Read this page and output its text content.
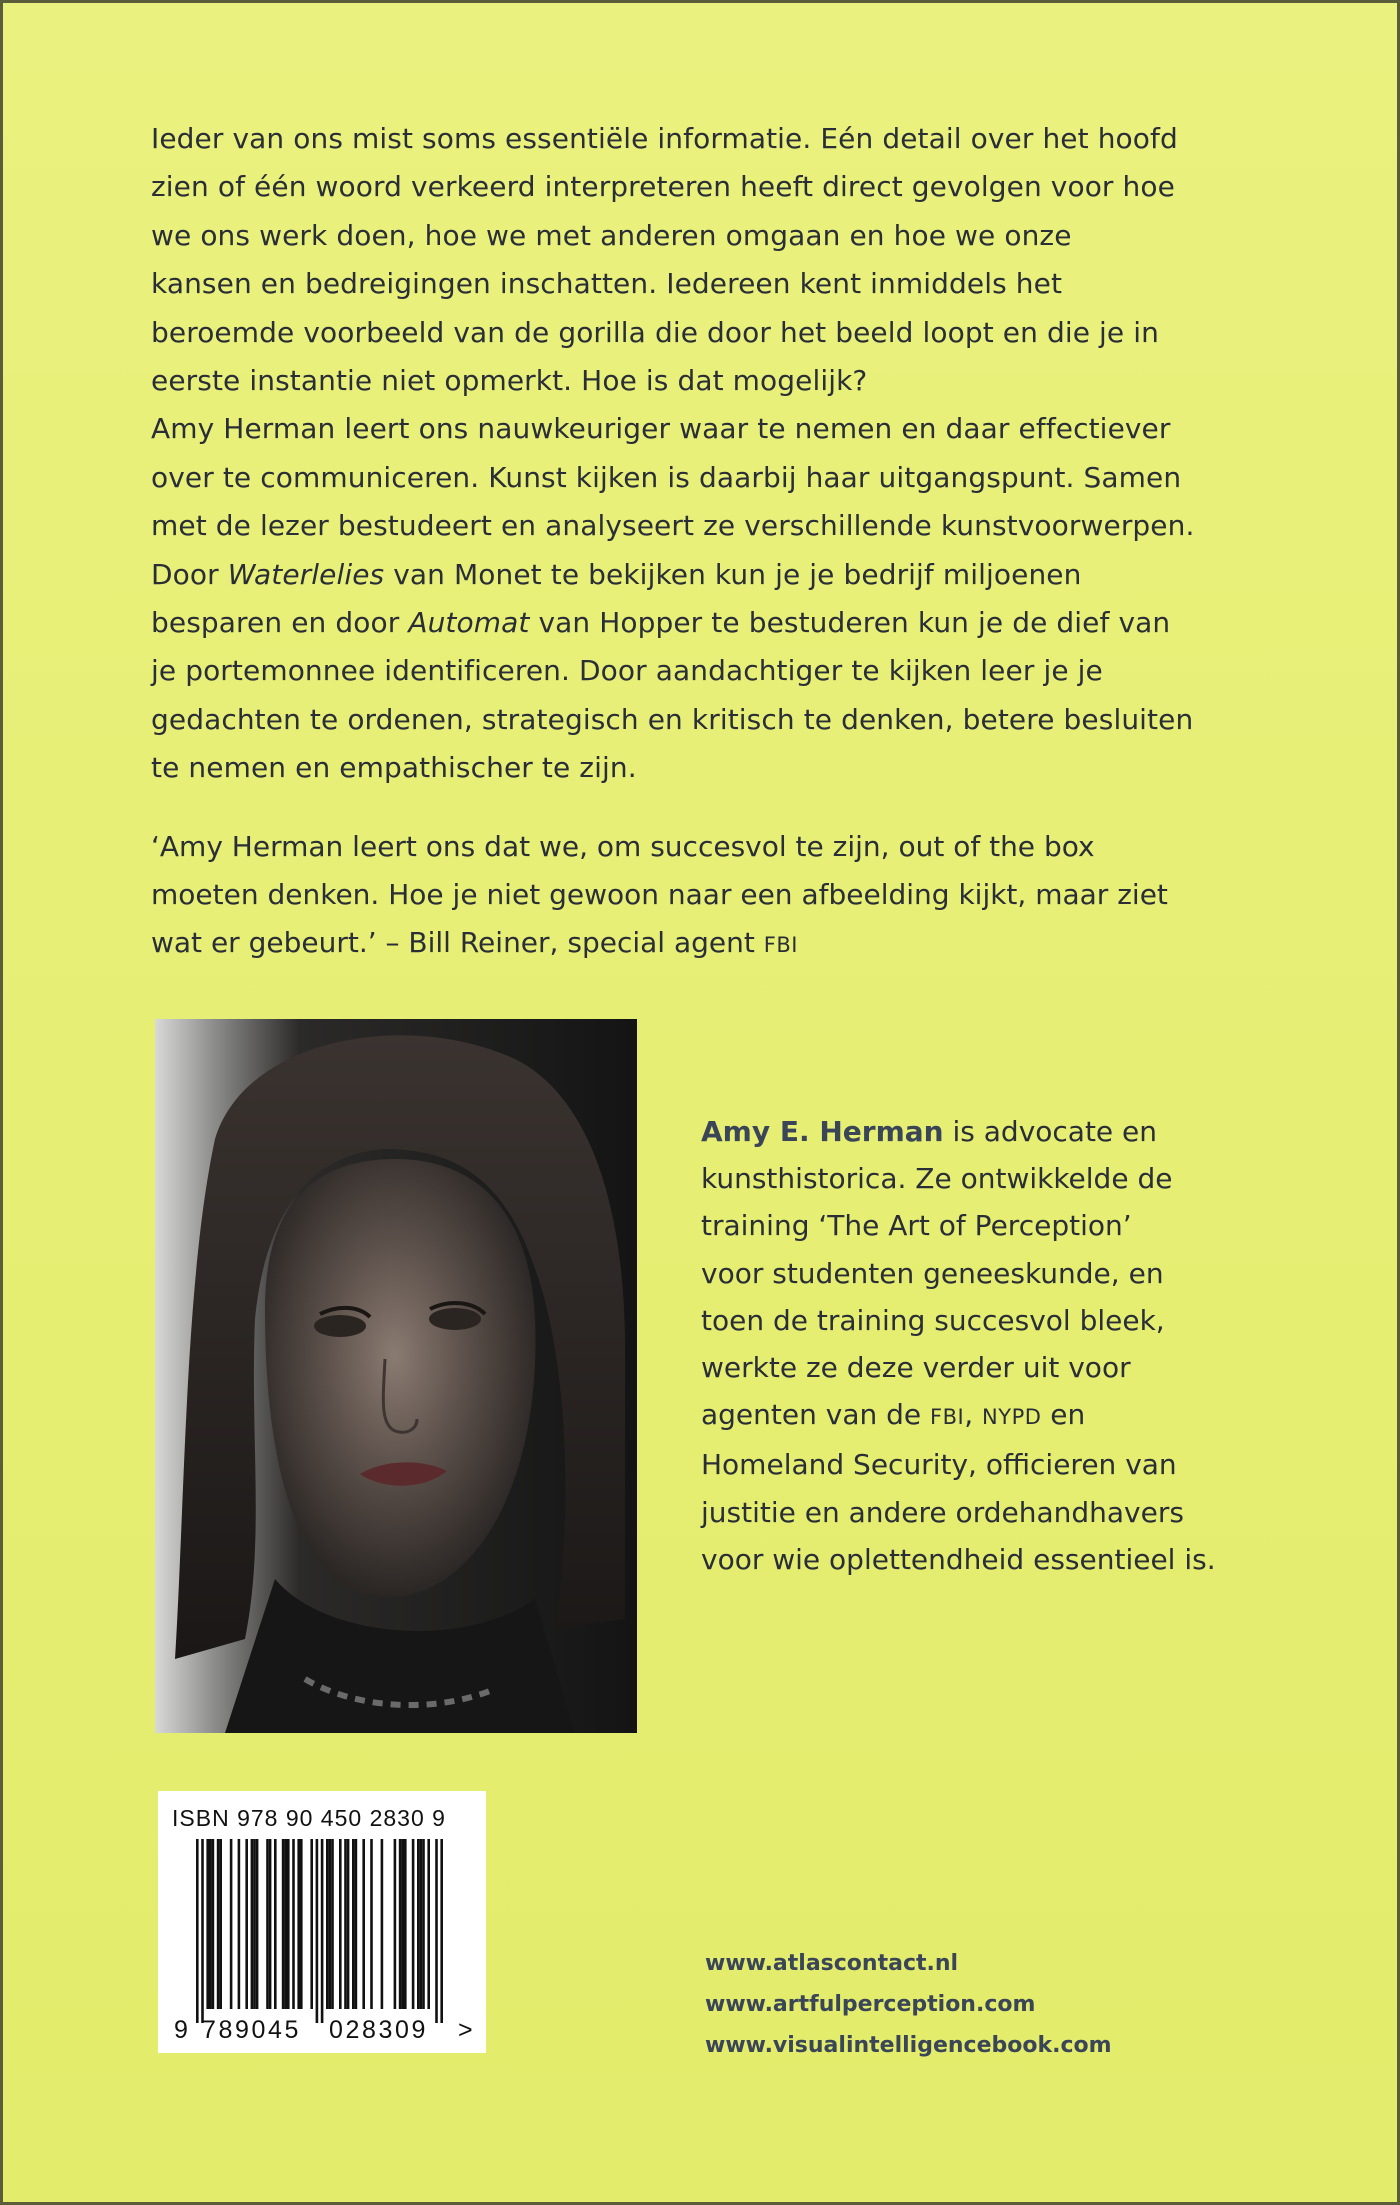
Ieder van ons mist soms essentiële informatie. Eén detail over het hoofd

zien of één woord verkeerd interpreteren heeft direct gevolgen voor hoe

we ons werk doen, hoe we met anderen omgaan en hoe we onze

kansen en bedreigingen inschatten. Iedereen kent inmiddels het

beroemde voorbeeld van de gorilla die door het beeld loopt en die je in

eerste instantie niet opmerkt. Hoe is dat mogelijk?

Amy Herman leert ons nauwkeuriger waar te nemen en daar effectiever

over te communiceren. Kunst kijken is daarbij haar uitgangspunt. Samen

met de lezer bestudeert en analyseert ze verschillende kunstvoorwerpen.

Door Waterlelies van Monet te bekijken kun je je bedrijf miljoenen

besparen en door Automat van Hopper te bestuderen kun je de dief van

je portemonnee identificeren. Door aandachtiger te kijken leer je je

gedachten te ordenen, strategisch en kritisch te denken, betere besluiten

te nemen en empathischer te zijn.

‘Amy Herman leert ons dat we, om succesvol te zijn, out of the box

moeten denken. Hoe je niet gewoon naar een afbeelding kijkt, maar ziet

wat er gebeurt.’ – Bill Reiner, special agent FBI

Amy E. Herman is advocate en

kunsthistorica. Ze ontwikkelde de

training ‘The Art of Perception’

voor studenten geneeskunde, en

toen de training succesvol bleek,

werkte ze deze verder uit voor

agenten van de FBI, NYPD en

Homeland Security, officieren van

justitie en andere ordehandhavers

voor wie oplettendheid essentieel is.

9 789045 028309 >
ISBN 978 90 450 2830 9
www.atlascontact.nl
www.artfulperception.com
www.visualintelligencebook.com
